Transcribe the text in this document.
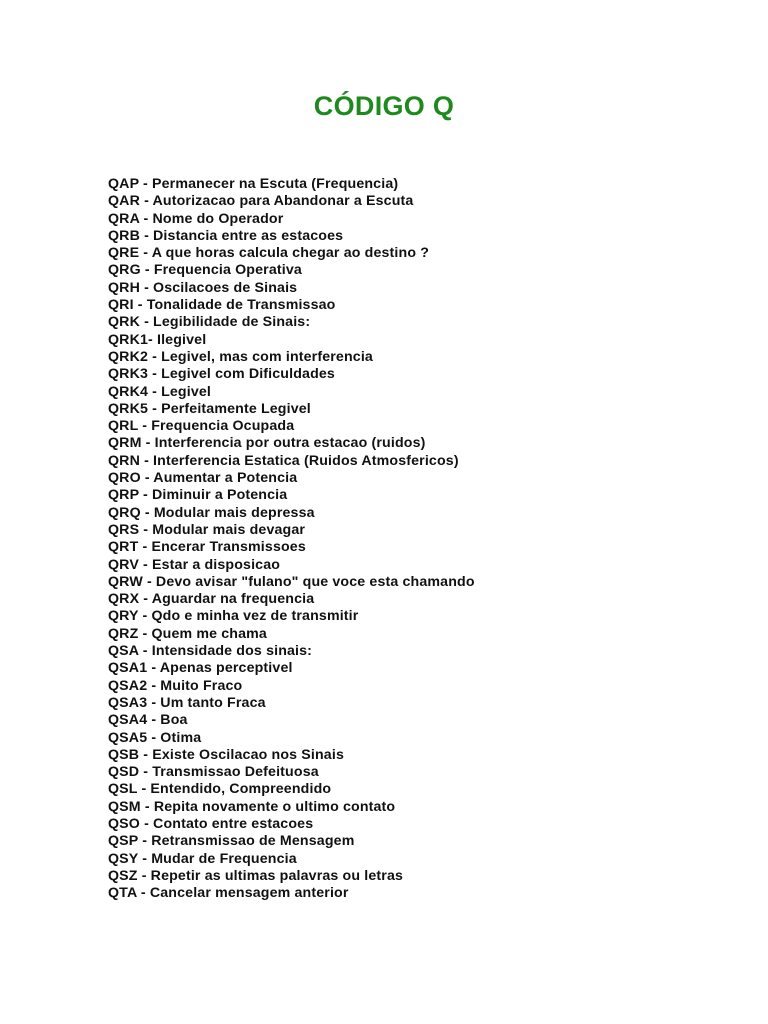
CÓDIGO Q
QAP - Permanecer na Escuta (Frequencia)
QAR - Autorizacao para Abandonar a Escuta
QRA - Nome do Operador
QRB - Distancia entre as estacoes
QRE - A que horas calcula chegar ao destino ?
QRG - Frequencia Operativa
QRH - Oscilacoes de Sinais
QRI - Tonalidade de Transmissao
QRK - Legibilidade de Sinais:
QRK1- Ilegivel
QRK2 - Legivel, mas com interferencia
QRK3 - Legivel com Dificuldades
QRK4 - Legivel
QRK5 - Perfeitamente Legivel
QRL - Frequencia Ocupada
QRM - Interferencia por outra estacao (ruidos)
QRN - Interferencia Estatica (Ruidos Atmosfericos)
QRO - Aumentar a Potencia
QRP - Diminuir a Potencia
QRQ - Modular mais depressa
QRS - Modular mais devagar
QRT - Encerar Transmissoes
QRV - Estar a disposicao
QRW - Devo avisar "fulano" que voce esta chamando
QRX - Aguardar na frequencia
QRY - Qdo e minha vez de transmitir
QRZ - Quem me chama
QSA - Intensidade dos sinais:
QSA1 - Apenas perceptivel
QSA2 - Muito Fraco
QSA3 - Um tanto Fraca
QSA4 - Boa
QSA5 - Otima
QSB - Existe Oscilacao nos Sinais
QSD - Transmissao Defeituosa
QSL - Entendido, Compreendido
QSM - Repita novamente o ultimo contato
QSO - Contato entre estacoes
QSP - Retransmissao de Mensagem
QSY - Mudar de Frequencia
QSZ - Repetir as ultimas palavras ou letras
QTA - Cancelar mensagem anterior
